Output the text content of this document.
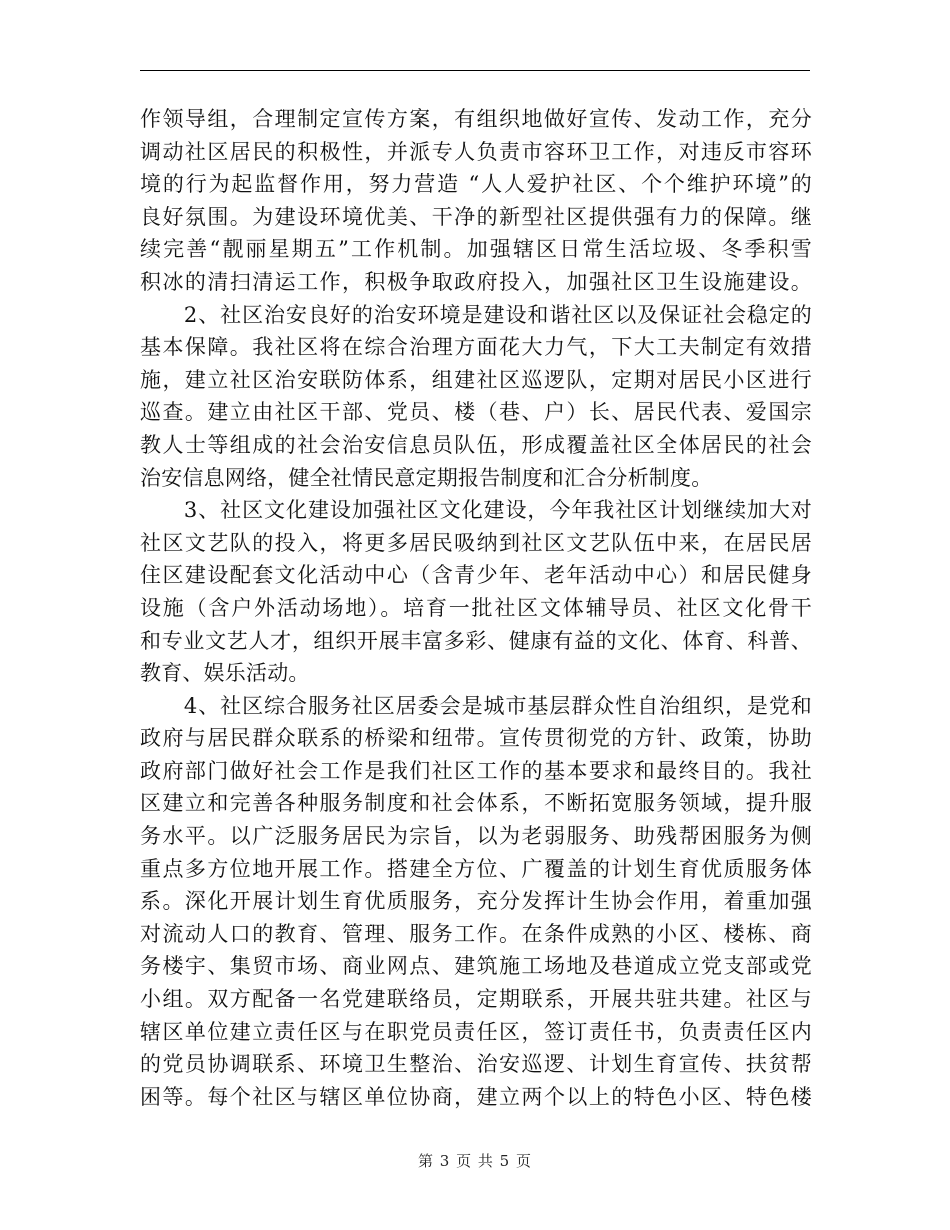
作领导组，合理制定宣传方案，有组织地做好宣传、发动工作，充分
调动社区居民的积极性，并派专人负责市容环卫工作，对违反市容环
境的行为起监督作用，努力营造 “人人爱护社区、个个维护环境”的
良好氛围。为建设环境优美、干净的新型社区提供强有力的保障。继
续完善“靓丽星期五”工作机制。加强辖区日常生活垃圾、冬季积雪
积冰的清扫清运工作，积极争取政府投入，加强社区卫生设施建设。
　　2、社区治安良好的治安环境是建设和谐社区以及保证社会稳定的
基本保障。我社区将在综合治理方面花大力气，下大工夫制定有效措
施，建立社区治安联防体系，组建社区巡逻队，定期对居民小区进行
巡查。建立由社区干部、党员、楼（巷、户）长、居民代表、爱国宗
教人士等组成的社会治安信息员队伍，形成覆盖社区全体居民的社会
治安信息网络，健全社情民意定期报告制度和汇合分析制度。
　　3、社区文化建设加强社区文化建设，今年我社区计划继续加大对
社区文艺队的投入，将更多居民吸纳到社区文艺队伍中来，在居民居
住区建设配套文化活动中心（含青少年、老年活动中心）和居民健身
设施（含户外活动场地）。培育一批社区文体辅导员、社区文化骨干
和专业文艺人才，组织开展丰富多彩、健康有益的文化、体育、科普、
教育、娱乐活动。
　　4、社区综合服务社区居委会是城市基层群众性自治组织，是党和
政府与居民群众联系的桥梁和纽带。宣传贯彻党的方针、政策，协助
政府部门做好社会工作是我们社区工作的基本要求和最终目的。我社
区建立和完善各种服务制度和社会体系，不断拓宽服务领域，提升服
务水平。以广泛服务居民为宗旨，以为老弱服务、助残帮困服务为侧
重点多方位地开展工作。搭建全方位、广覆盖的计划生育优质服务体
系。深化开展计划生育优质服务，充分发挥计生协会作用，着重加强
对流动人口的教育、管理、服务工作。在条件成熟的小区、楼栋、商
务楼宇、集贸市场、商业网点、建筑施工场地及巷道成立党支部或党
小组。双方配备一名党建联络员，定期联系，开展共驻共建。社区与
辖区单位建立责任区与在职党员责任区，签订责任书，负责责任区内
的党员协调联系、环境卫生整治、治安巡逻、计划生育宣传、扶贫帮
困等。每个社区与辖区单位协商，建立两个以上的特色小区、特色楼
第 3 页 共 5 页
